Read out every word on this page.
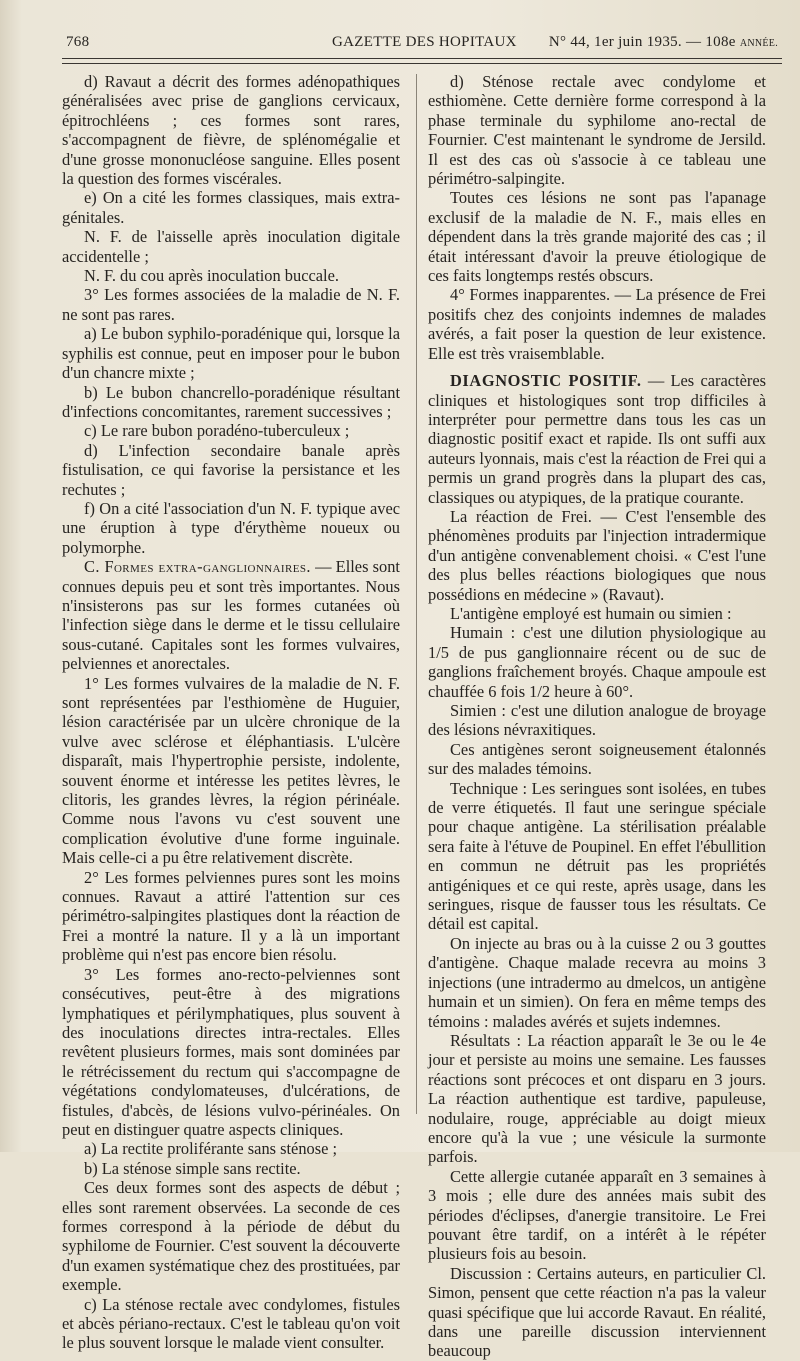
768	GAZETTE DES HOPITAUX N° 44, 1er juin 1935. — 108e ANNÉE.

d) Ravaut a décrit des formes adénopathiques généralisées avec prise de ganglions cervicaux, épitrochléens ; ces formes sont rares, s'accompagnent de fièvre, de splénomégalie et d'une grosse mononucléose sanguine. Elles posent la question des formes viscérales.

e) On a cité les formes classiques, mais extra-génitales.

N. F. de l'aisselle après inoculation digitale accidentelle ;

N. F. du cou après inoculation buccale.

3° Les formes associées de la maladie de N. F. ne sont pas rares.

a) Le bubon syphilo-poradénique qui, lorsque la syphilis est connue, peut en imposer pour le bubon d'un chancre mixte ;

b) Le bubon chancrello-poradénique résultant d'infections concomitantes, rarement successives ;

c) Le rare bubon poradéno-tuberculeux ;

d) L'infection secondaire banale après fistulisation, ce qui favorise la persistance et les rechutes ;

f) On a cité l'association d'un N. F. typique avec une éruption à type d'érythème noueux ou polymorphe.

C. Formes extra-ganglionnaires. — Elles sont connues depuis peu et sont très importantes. Nous n'insisterons pas sur les formes cutanées où l'infection siège dans le derme et le tissu cellulaire sous-cutané. Capitales sont les formes vulvaires, pelviennes et anorectales.

1° Les formes vulvaires de la maladie de N. F. sont représentées par l'esthiomène de Huguier, lésion caractérisée par un ulcère chronique de la vulve avec sclérose et éléphantiasis. L'ulcère disparaît, mais l'hypertrophie persiste, indolente, souvent énorme et intéresse les petites lèvres, le clitoris, les grandes lèvres, la région périnéale. Comme nous l'avons vu c'est souvent une complication évolutive d'une forme inguinale. Mais celle-ci a pu être relativement discrète.

2° Les formes pelviennes pures sont les moins connues. Ravaut a attiré l'attention sur ces périmétro-salpingites plastiques dont la réaction de Frei a montré la nature. Il y a là un important problème qui n'est pas encore bien résolu.

3° Les formes ano-recto-pelviennes sont consécutives, peut-être à des migrations lymphatiques et périlymphatiques, plus souvent à des inoculations directes intra-rectales. Elles revêtent plusieurs formes, mais sont dominées par le rétrécissement du rectum qui s'accompagne de végétations condylomateuses, d'ulcérations, de fistules, d'abcès, de lésions vulvo-périnéales. On peut en distinguer quatre aspects cliniques.

a) La rectite proliférante sans sténose ;

b) La sténose simple sans rectite.

Ces deux formes sont des aspects de début ; elles sont rarement observées. La seconde de ces formes correspond à la période de début du syphilome de Fournier. C'est souvent la découverte d'un examen systématique chez des prostituées, par exemple.

c) La sténose rectale avec condylomes, fistules et abcès périano-rectaux. C'est le tableau qu'on voit le plus souvent lorsque le malade vient consulter.

d) Sténose rectale avec condylome et esthiomène. Cette dernière forme correspond à la phase terminale du syphilome ano-rectal de Fournier. C'est maintenant le syndrome de Jersild. Il est des cas où s'associe à ce tableau une périmétro-salpingite.

Toutes ces lésions ne sont pas l'apanage exclusif de la maladie de N. F., mais elles en dépendent dans la très grande majorité des cas ; il était intéressant d'avoir la preuve étiologique de ces faits longtemps restés obscurs.

4° Formes inapparentes. — La présence de Frei positifs chez des conjoints indemnes de malades avérés, a fait poser la question de leur existence. Elle est très vraisemblable.

DIAGNOSTIC POSITIF. — Les caractères cliniques et histologiques sont trop difficiles à interpréter pour permettre dans tous les cas un diagnostic positif exact et rapide. Ils ont suffi aux auteurs lyonnais, mais c'est la réaction de Frei qui a permis un grand progrès dans la plupart des cas, classiques ou atypiques, de la pratique courante.

La réaction de Frei. — C'est l'ensemble des phénomènes produits par l'injection intradermique d'un antigène convenablement choisi. « C'est l'une des plus belles réactions biologiques que nous possédions en médecine » (Ravaut).

L'antigène employé est humain ou simien :

Humain : c'est une dilution physiologique au 1/5 de pus ganglionnaire récent ou de suc de ganglions fraîchement broyés. Chaque ampoule est chauffée 6 fois 1/2 heure à 60°.

Simien : c'est une dilution analogue de broyage des lésions névraxitiques.

Ces antigènes seront soigneusement étalonnés sur des malades témoins.

Technique : Les seringues sont isolées, en tubes de verre étiquetés. Il faut une seringue spéciale pour chaque antigène. La stérilisation préalable sera faite à l'étuve de Poupinel. En effet l'ébullition en commun ne détruit pas les propriétés antigéniques et ce qui reste, après usage, dans les seringues, risque de fausser tous les résultats. Ce détail est capital.

On injecte au bras ou à la cuisse 2 ou 3 gouttes d'antigène. Chaque malade recevra au moins 3 injections (une intradermo au dmelcos, un antigène humain et un simien). On fera en même temps des témoins : malades avérés et sujets indemnes.

Résultats : La réaction apparaît le 3e ou le 4e jour et persiste au moins une semaine. Les fausses réactions sont précoces et ont disparu en 3 jours. La réaction authentique est tardive, papuleuse, nodulaire, rouge, appréciable au doigt mieux encore qu'à la vue ; une vésicule la surmonte parfois.

Cette allergie cutanée apparaît en 3 semaines à 3 mois ; elle dure des années mais subit des périodes d'éclipses, d'anergie transitoire. Le Frei pouvant être tardif, on a intérêt à le répéter plusieurs fois au besoin.

Discussion : Certains auteurs, en particulier Cl. Simon, pensent que cette réaction n'a pas la valeur quasi spécifique que lui accorde Ravaut. En réalité, dans une pareille discussion interviennent beaucoup
